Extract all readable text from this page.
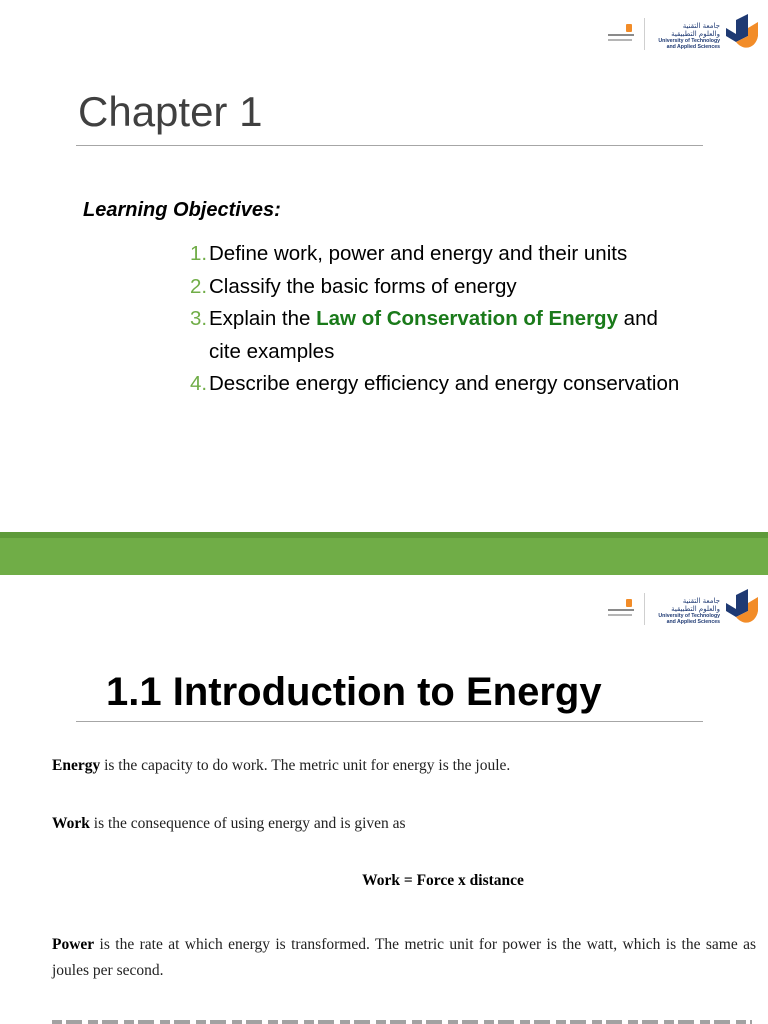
جامعة التقنية
والعلوم التطبيقية
University of Technology
and Applied Sciences
Chapter 1
Learning Objectives:
1. Define work, power and energy and their units
2. Classify the basic forms of energy
3. Explain the Law of Conservation of Energy and cite examples
4. Describe energy efficiency and energy conservation
جامعة التقنية
والعلوم التطبيقية
University of Technology
and Applied Sciences
1.1 Introduction to Energy

Energy is the capacity to do work. The metric unit for energy is the joule.

Work is the consequence of using energy and is given as

Work = Force x distance

Power is the rate at which energy is transformed. The metric unit for power is the watt, which is the same as joules per second.
